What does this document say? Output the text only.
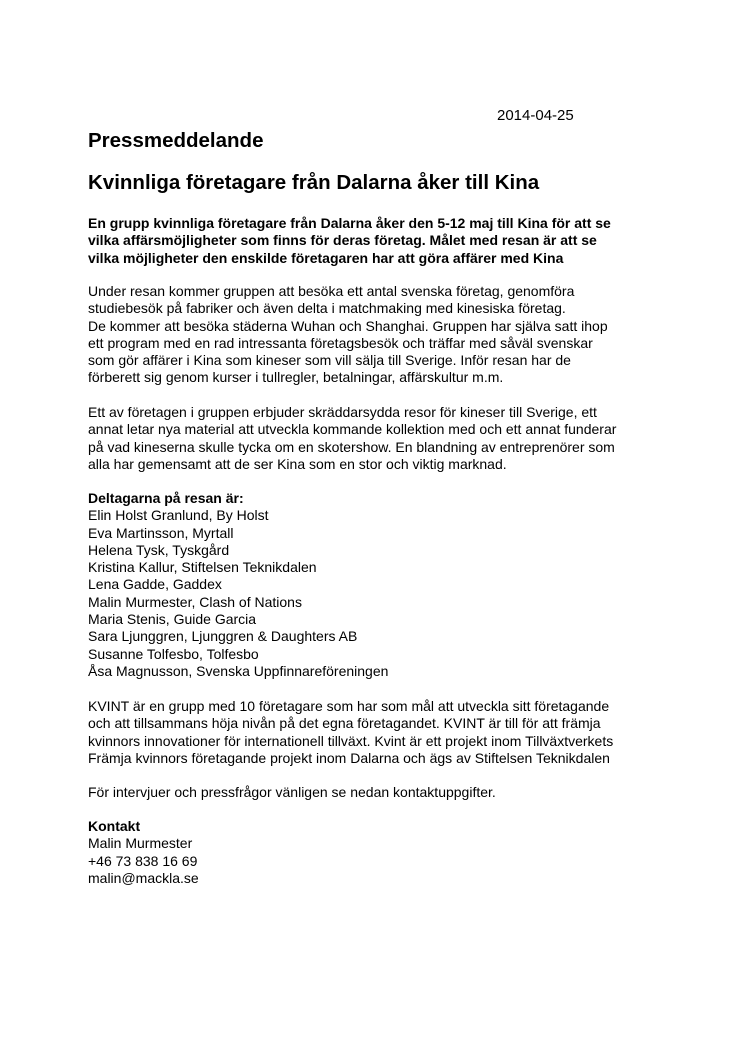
2014-04-25
Pressmeddelande
Kvinnliga företagare från Dalarna åker till Kina

En grupp kvinnliga företagare från Dalarna åker den 5-12 maj till Kina för att se
vilka affärsmöjligheter som finns för deras företag. Målet med resan är att se
vilka möjligheter den enskilde företagaren har att göra affärer med Kina

Under resan kommer gruppen att besöka ett antal svenska företag, genomföra
studiebesök på fabriker och även delta i matchmaking med kinesiska företag.
De kommer att besöka städerna Wuhan och Shanghai. Gruppen har själva satt ihop
ett program med en rad intressanta företagsbesök och träffar med såväl svenskar
som gör affärer i Kina som kineser som vill sälja till Sverige. Inför resan har de
förberett sig genom kurser i tullregler, betalningar, affärskultur m.m.

Ett av företagen i gruppen erbjuder skräddarsydda resor för kineser till Sverige, ett
annat letar nya material att utveckla kommande kollektion med och ett annat funderar
på vad kineserna skulle tycka om en skotershow. En blandning av entreprenörer som
alla har gemensamt att de ser Kina som en stor och viktig marknad.

Deltagarna på resan är:
Elin Holst Granlund, By Holst
Eva Martinsson, Myrtall
Helena Tysk, Tyskgård
Kristina Kallur, Stiftelsen Teknikdalen
Lena Gadde, Gaddex
Malin Murmester, Clash of Nations
Maria Stenis, Guide Garcia
Sara Ljunggren, Ljunggren & Daughters AB
Susanne Tolfesbo, Tolfesbo
Åsa Magnusson, Svenska Uppfinnareföreningen

KVINT är en grupp med 10 företagare som har som mål att utveckla sitt företagande
och att tillsammans höja nivån på det egna företagandet. KVINT är till för att främja
kvinnors innovationer för internationell tillväxt. Kvint är ett projekt inom Tillväxtverkets
Främja kvinnors företagande projekt inom Dalarna och ägs av Stiftelsen Teknikdalen

För intervjuer och pressfrågor vänligen se nedan kontaktuppgifter.

Kontakt
Malin Murmester
+46 73 838 16 69
malin@mackla.se
